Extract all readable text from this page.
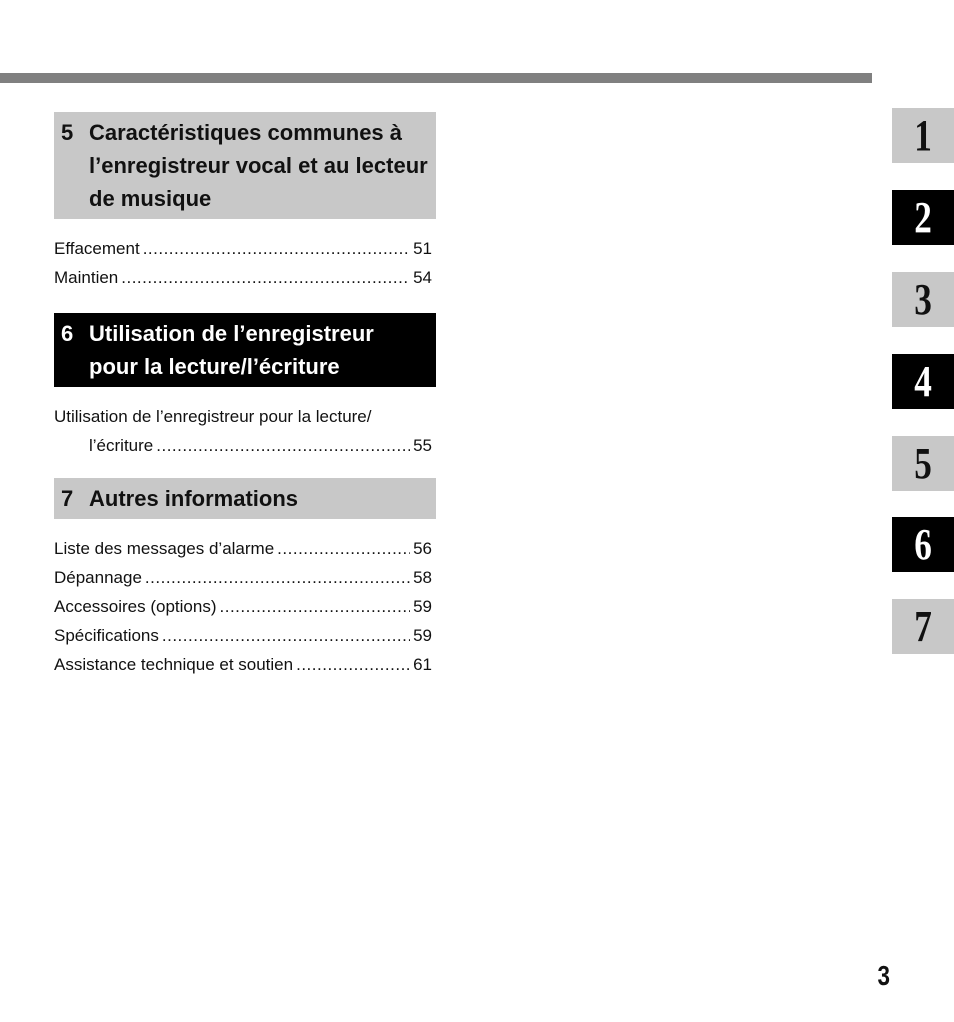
5 Caractéristiques communes à l’enregistreur vocal et au lecteur de musique
Effacement .....	51
Maintien .....	54
6 Utilisation de l’enregistreur pour la lecture/l’écriture
Utilisation de l’enregistreur pour la lecture/
l’écriture .....	55
7 Autres informations
Liste des messages d’alarme .....	56
Dépannage .....	58
Accessoires (options) .....	59
Spécifications .....	59
Assistance technique et soutien .....	61
1
2
3
4
5
6
7
3
